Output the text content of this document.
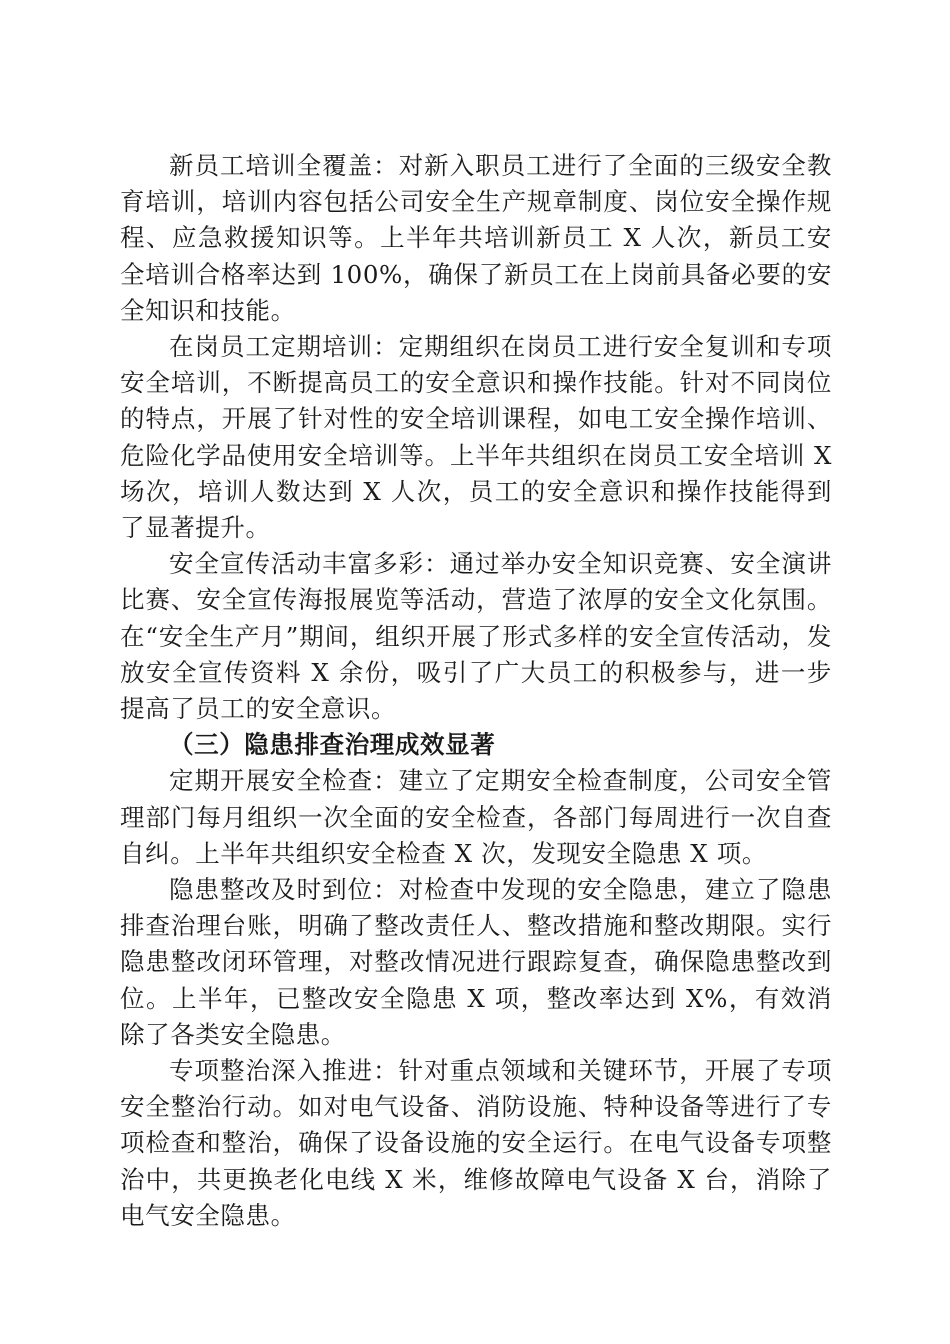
新员工培训全覆盖：对新入职员工进行了全面的三级安全教育培训，培训内容包括公司安全生产规章制度、岗位安全操作规程、应急救援知识等。上半年共培训新员工 X 人次，新员工安全培训合格率达到 100%，确保了新员工在上岗前具备必要的安全知识和技能。

在岗员工定期培训：定期组织在岗员工进行安全复训和专项安全培训，不断提高员工的安全意识和操作技能。针对不同岗位的特点，开展了针对性的安全培训课程，如电工安全操作培训、危险化学品使用安全培训等。上半年共组织在岗员工安全培训 X 场次，培训人数达到 X 人次，员工的安全意识和操作技能得到了显著提升。

安全宣传活动丰富多彩：通过举办安全知识竞赛、安全演讲比赛、安全宣传海报展览等活动，营造了浓厚的安全文化氛围。在“安全生产月”期间，组织开展了形式多样的安全宣传活动，发放安全宣传资料 X 余份，吸引了广大员工的积极参与，进一步提高了员工的安全意识。

（三）隐患排查治理成效显著

定期开展安全检查：建立了定期安全检查制度，公司安全管理部门每月组织一次全面的安全检查，各部门每周进行一次自查自纠。上半年共组织安全检查 X 次，发现安全隐患 X 项。

隐患整改及时到位：对检查中发现的安全隐患，建立了隐患排查治理台账，明确了整改责任人、整改措施和整改期限。实行隐患整改闭环管理，对整改情况进行跟踪复查，确保隐患整改到位。上半年，已整改安全隐患 X 项，整改率达到 X%，有效消除了各类安全隐患。

专项整治深入推进：针对重点领域和关键环节，开展了专项安全整治行动。如对电气设备、消防设施、特种设备等进行了专项检查和整治，确保了设备设施的安全运行。在电气设备专项整治中，共更换老化电线 X 米，维修故障电气设备 X 台，消除了电气安全隐患。
